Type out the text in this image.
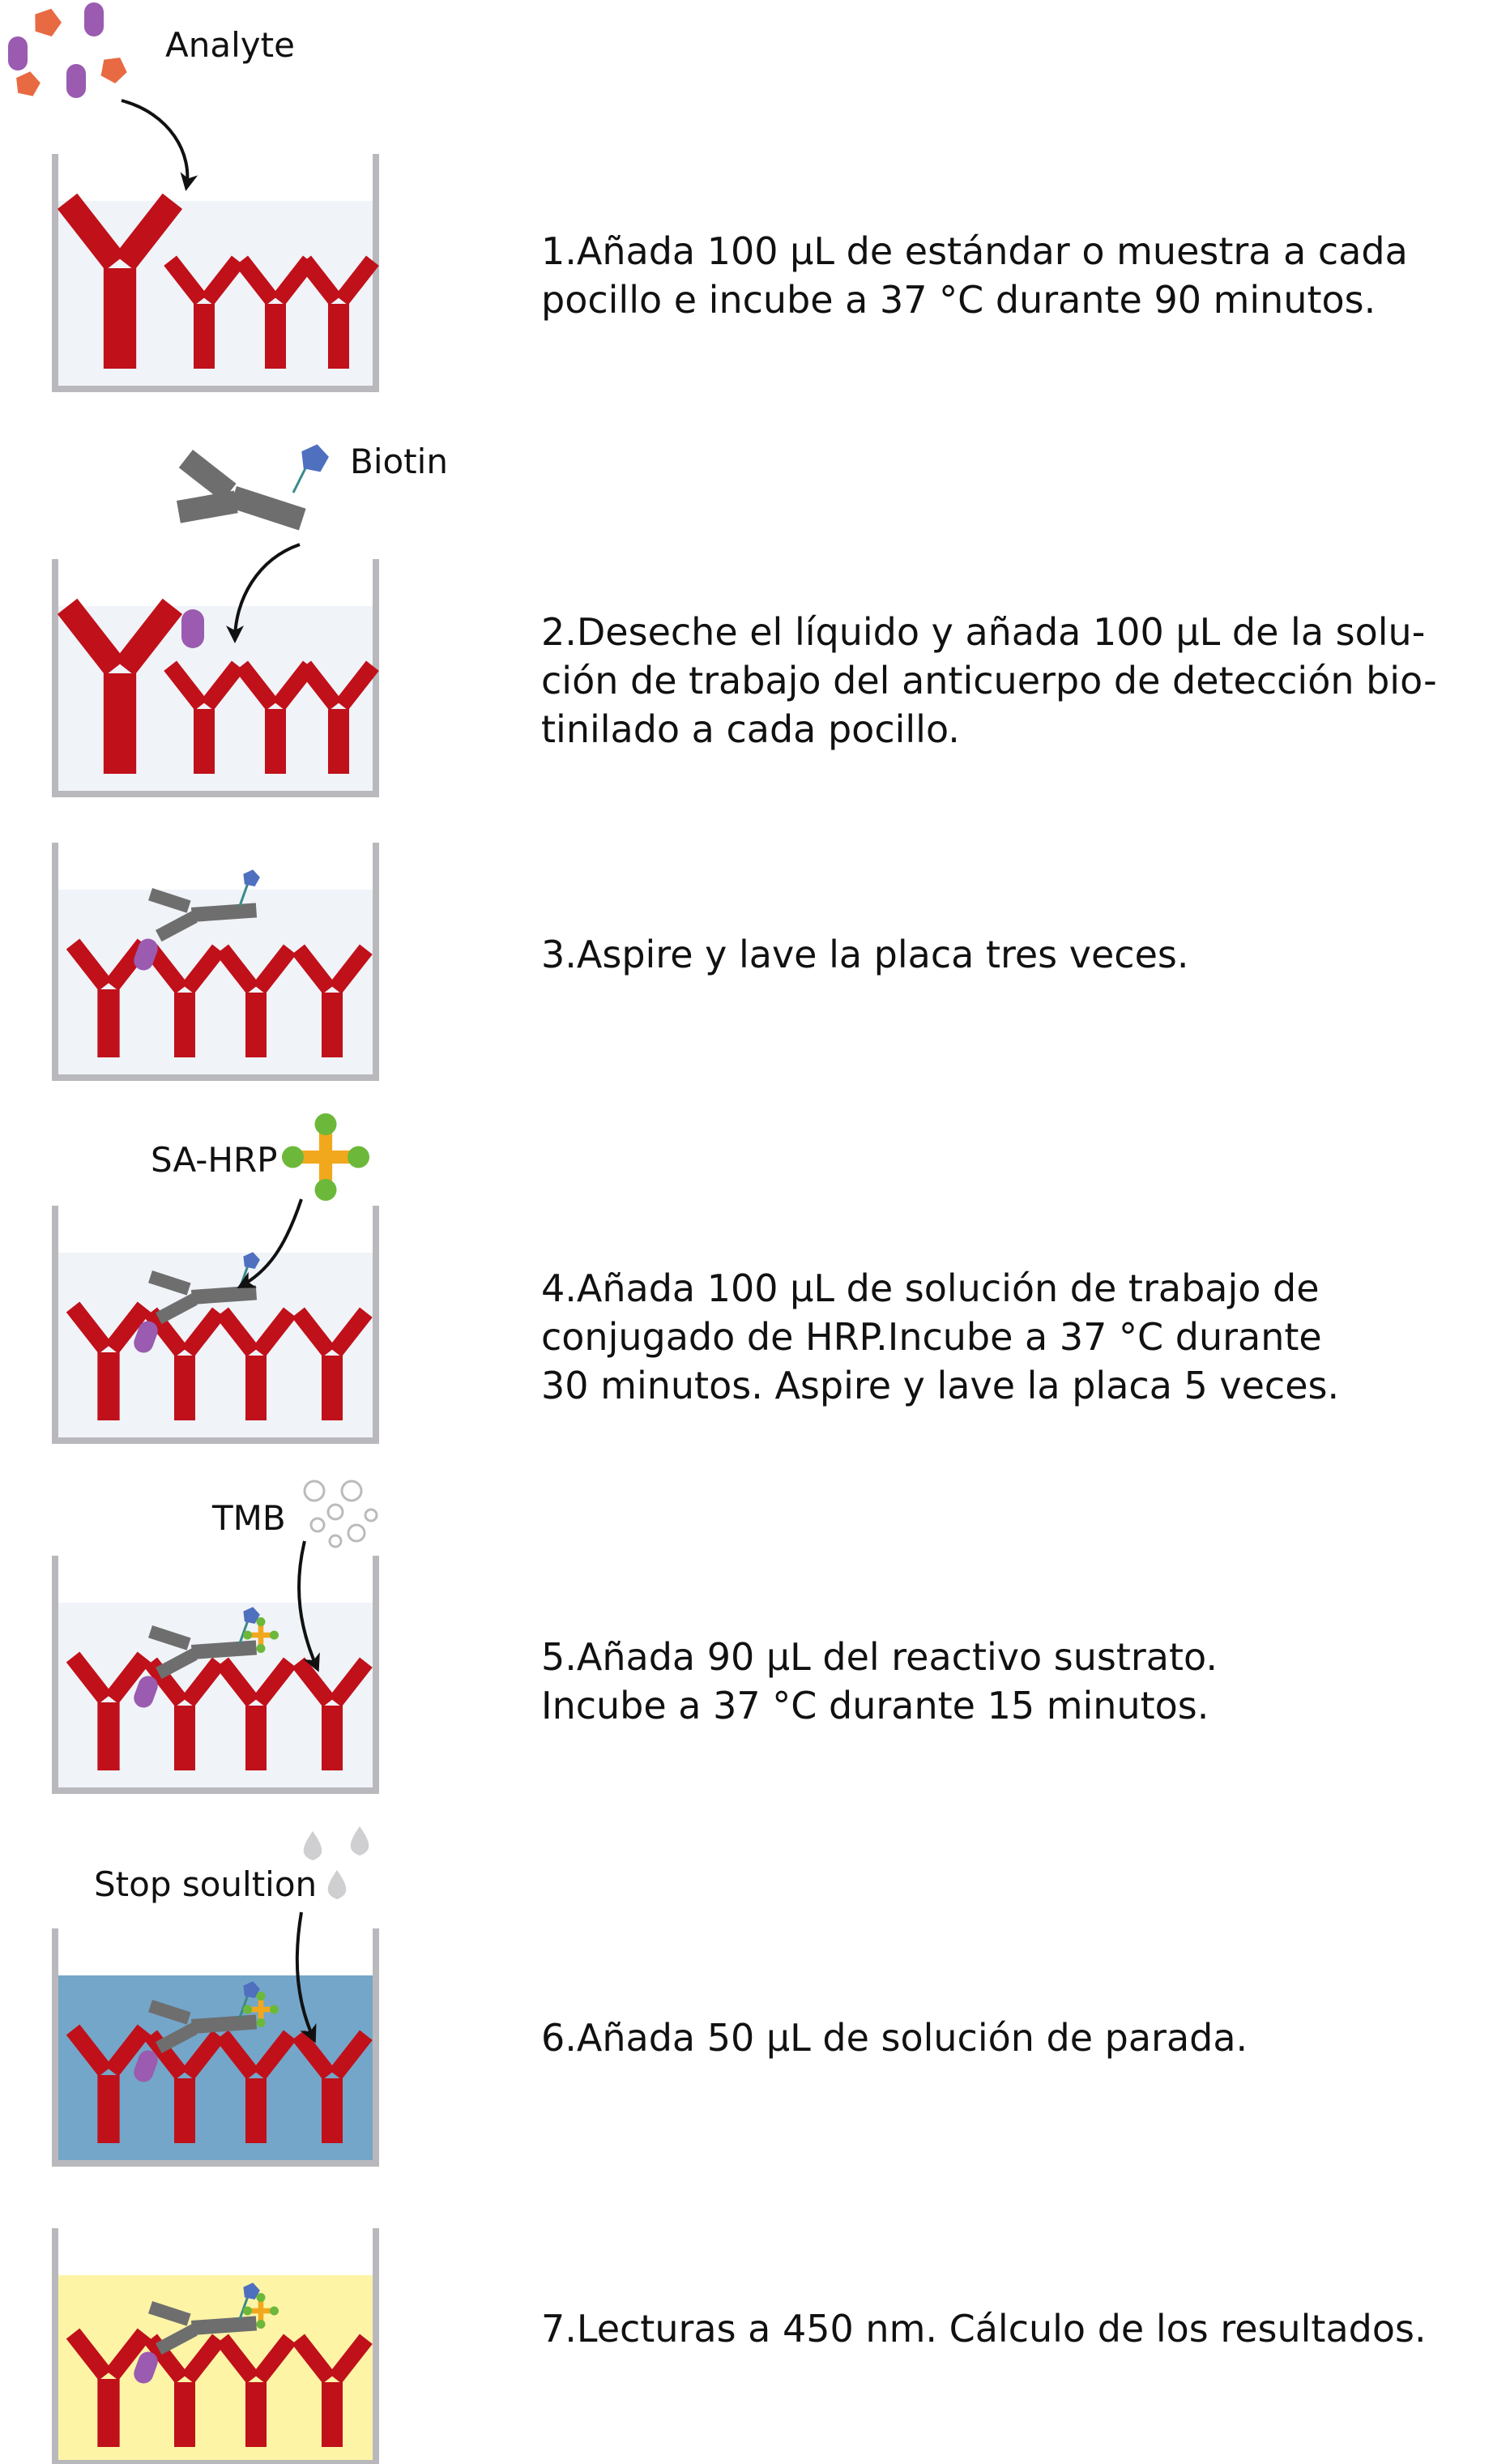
Analyte
Biotin
SA-HRP
TMB
Stop soultion
1.Añada 100 μL de estándar o muestra a cada
pocillo e incube a 37 °C durante 90 minutos.
2.Deseche el líquido y añada 100 μL de la solu-
ción de trabajo del anticuerpo de detección bio-
tinilado a cada pocillo.
3.Aspire y lave la placa tres veces.
4.Añada 100 μL de solución de trabajo de
conjugado de HRP.Incube a 37 °C durante
30 minutos. Aspire y lave la placa 5 veces.
5.Añada 90 μL del reactivo sustrato.
Incube a 37 °C durante 15 minutos.
6.Añada 50 μL de solución de parada.
7.Lecturas a 450 nm. Cálculo de los resultados.
